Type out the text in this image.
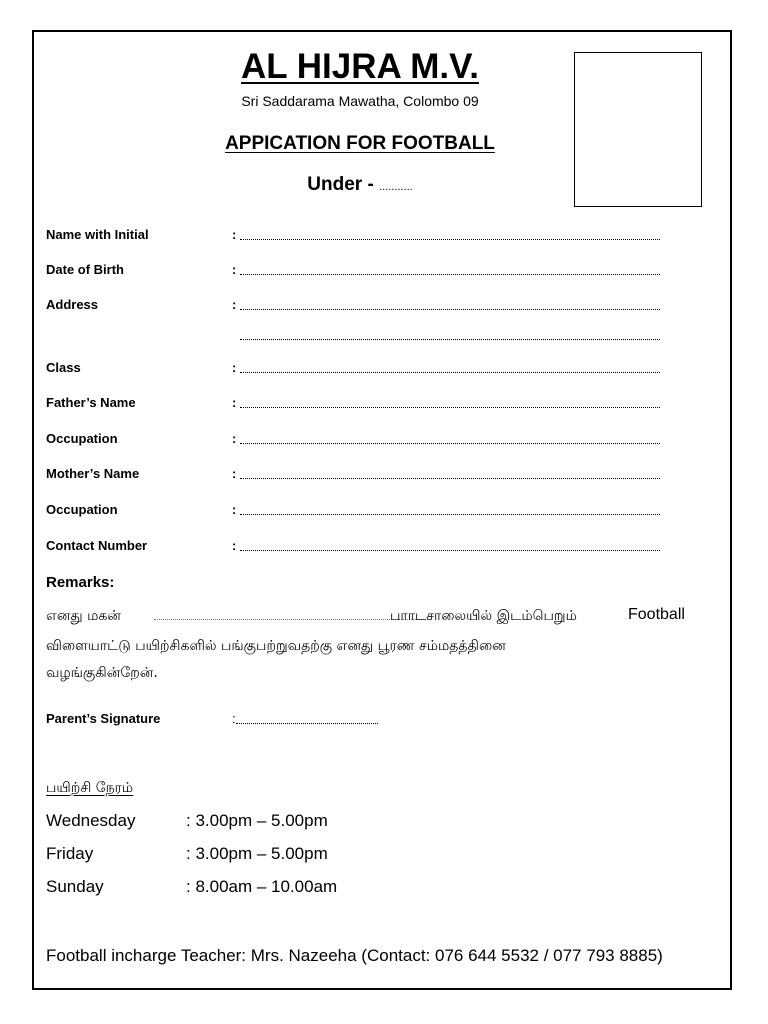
AL HIJRA M.V.
Sri Saddarama Mawatha, Colombo 09
APPICATION FOR FOOTBALL
Under - ...........
Name with Initial	:
Date of Birth	:
Address	:
Class	:
Father’s Name	:
Occupation	:
Mother’s Name	:
Occupation	:
Contact Number	:
Remarks:
எனது மகன்	பாாடசாலையில் இடம்பெறும்	Football
விளையாட்டு பயிற்சிகளில் பங்குபற்றுவதற்கு எனது பூரண சம்மதத்தினை
வழங்குகின்றேன்.
Parent’s Signature	:
பயிற்சி நேரம்
Wednesday	: 3.00pm – 5.00pm
Friday	: 3.00pm – 5.00pm
Sunday	: 8.00am – 10.00am
Football incharge Teacher: Mrs. Nazeeha (Contact: 076 644 5532 / 077 793 8885)
